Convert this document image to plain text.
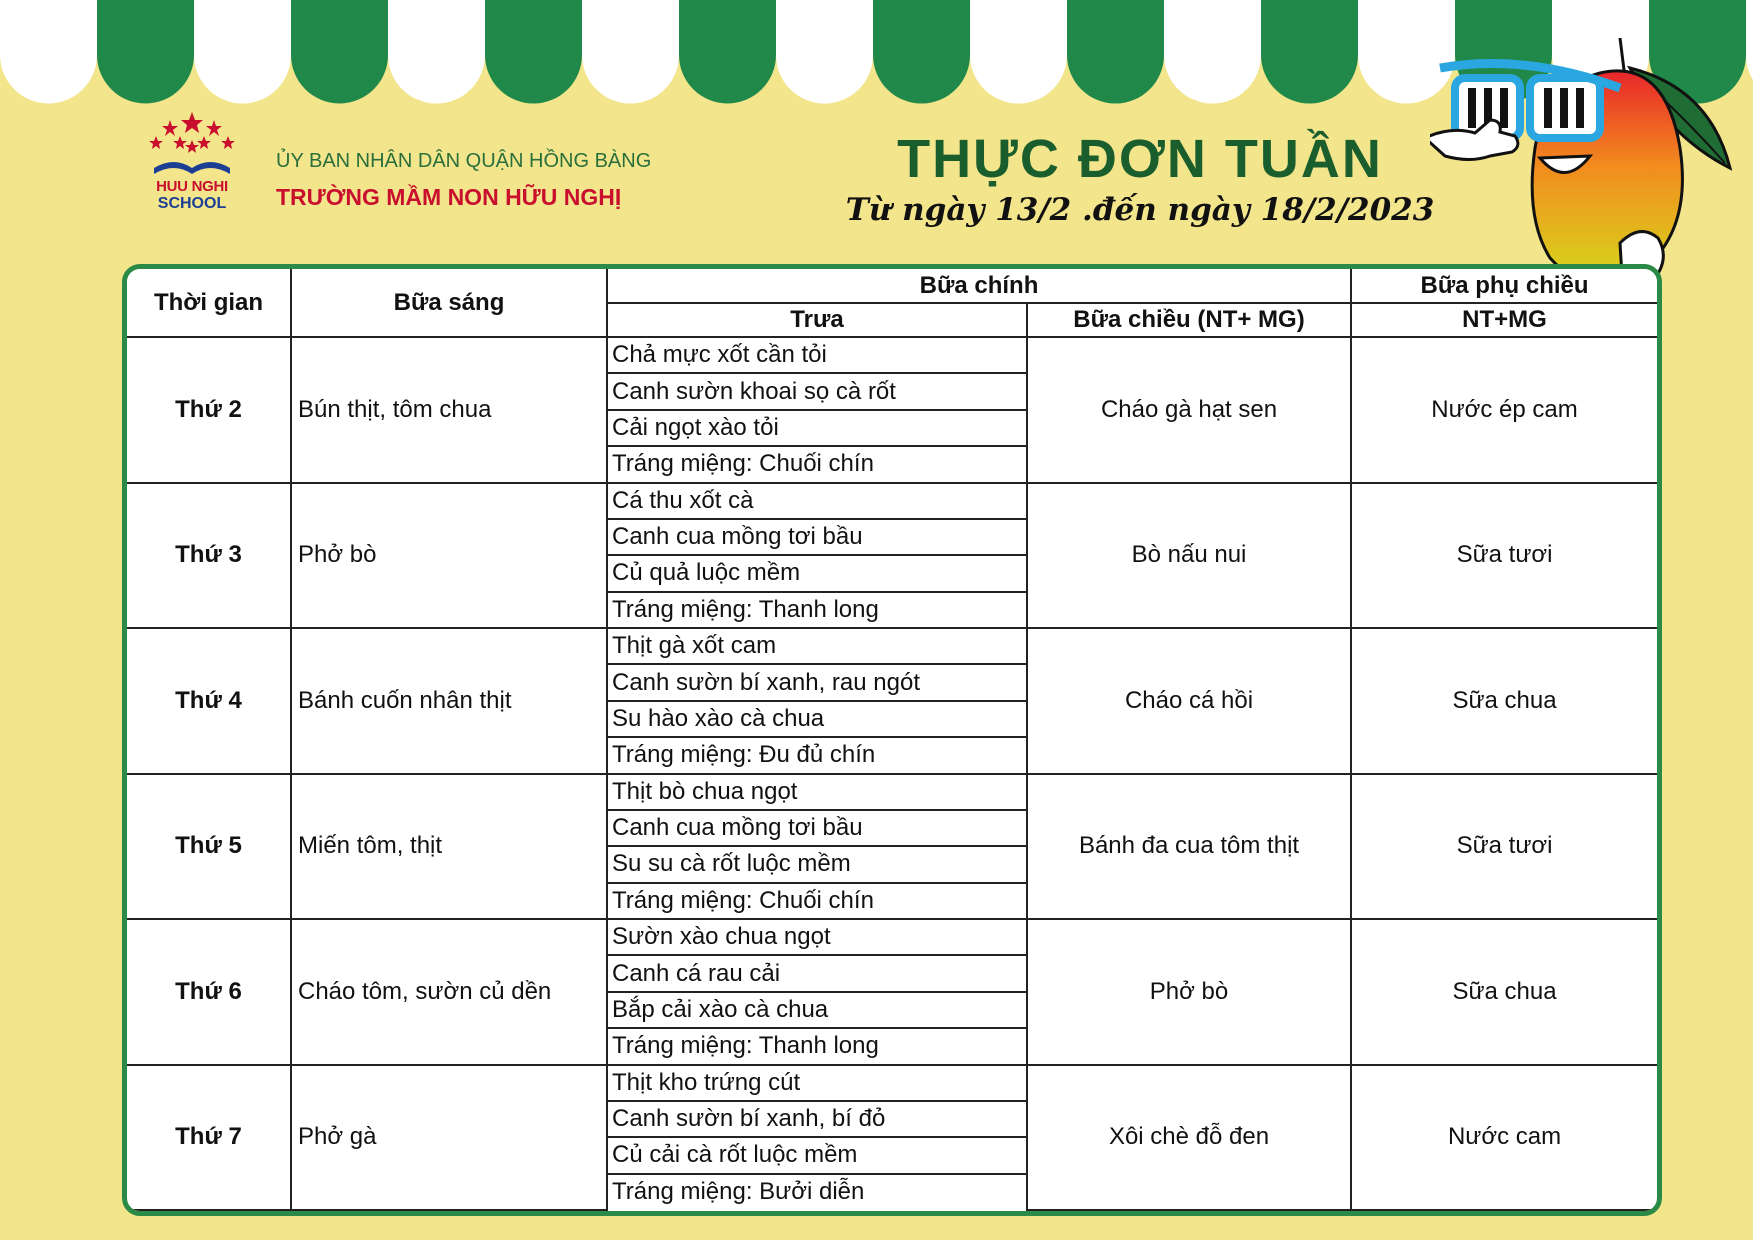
HUU NGHI
SCHOOL
ỦY BAN NHÂN DÂN QUẬN HỒNG BÀNG
TRƯỜNG MẦM NON HỮU NGHỊ
THỰC ĐƠN TUẦN
Từ ngày 13/2 .đến ngày 18/2/2023
Thời gian	Bữa sáng	Bữa chính		Bữa phụ chiều
		Trưa	Bữa chiều (NT+ MG)	NT+MG
Thứ 2	Bún thịt, tôm chua	Chả mực xốt cần tỏi	Cháo gà hạt sen	Nước ép cam
		Canh sườn khoai sọ cà rốt		
		Cải ngọt xào tỏi		
		Tráng miệng: Chuối chín		
Thứ 3	Phở bò	Cá thu xốt cà	Bò nấu nui	Sữa tươi
		Canh cua mồng tơi bầu		
		Củ quả luộc mềm		
		Tráng miệng: Thanh long		
Thứ 4	Bánh cuốn nhân thịt	Thịt gà xốt cam	Cháo cá hồi	Sữa chua
		Canh sườn bí xanh, rau ngót		
		Su hào xào cà chua		
		Tráng miệng: Đu đủ chín		
Thứ 5	Miến tôm, thịt	Thịt bò chua ngọt	Bánh đa cua tôm thịt	Sữa tươi
		Canh cua mồng tơi bầu		
		Su su cà rốt luộc mềm		
		Tráng miệng: Chuối chín		
Thứ 6	Cháo tôm, sườn củ dền	Sườn xào chua ngọt	Phở bò	Sữa chua
		Canh cá rau cải		
		Bắp cải xào cà chua		
		Tráng miệng: Thanh long		
Thứ 7	Phở gà	Thịt kho trứng cút	Xôi chè đỗ đen	Nước cam
		Canh sườn bí xanh, bí đỏ		
		Củ cải cà rốt luộc mềm		
		Tráng miệng: Bưởi diễn		
